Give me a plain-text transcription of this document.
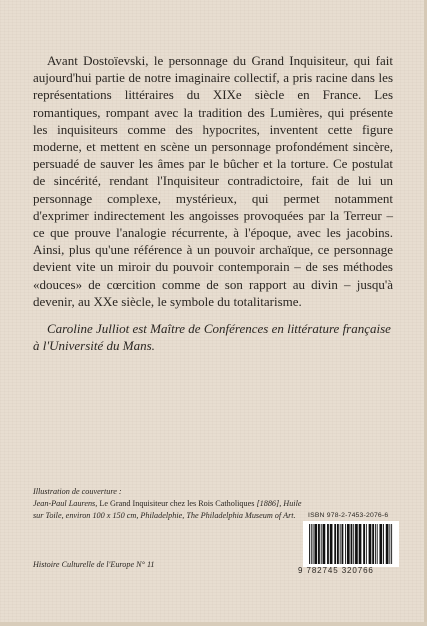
Avant Dostoïevski, le personnage du Grand Inquisiteur, qui fait aujourd'hui partie de notre imaginaire collectif, a pris racine dans les représentations littéraires du XIXe siècle en France. Les romantiques, rompant avec la tradition des Lumières, qui présente les inquisiteurs comme des hypocrites, inventent cette figure moderne, et mettent en scène un personnage profondément sincère, persuadé de sauver les âmes par le bûcher et la torture. Ce postulat de sincérité, rendant l'Inquisiteur contradictoire, fait de lui un personnage complexe, mystérieux, qui permet notamment d'exprimer indirectement les angoisses provoquées par la Terreur – ce que prouve l'analogie récurrente, à l'époque, avec les jacobins. Ainsi, plus qu'une référence à un pouvoir archaïque, ce personnage devient vite un miroir du pouvoir contemporain – de ses méthodes «douces» de cœrcition comme de son rapport au divin – jusqu'à devenir, au XXe siècle, le symbole du totalitarisme.

Caroline Julliot est Maître de Conférences en littérature française à l'Université du Mans.

Illustration de couverture :
Jean-Paul Laurens, Le Grand Inquisiteur chez les Rois Catholiques [1886], Huile sur Toile, environ 100 x 150 cm, Philadelphie, The Philadelphia Museum of Art.

Histoire Culturelle de l'Europe N° 11

ISBN 978-2-7453-2076-6

9 782745 320766
